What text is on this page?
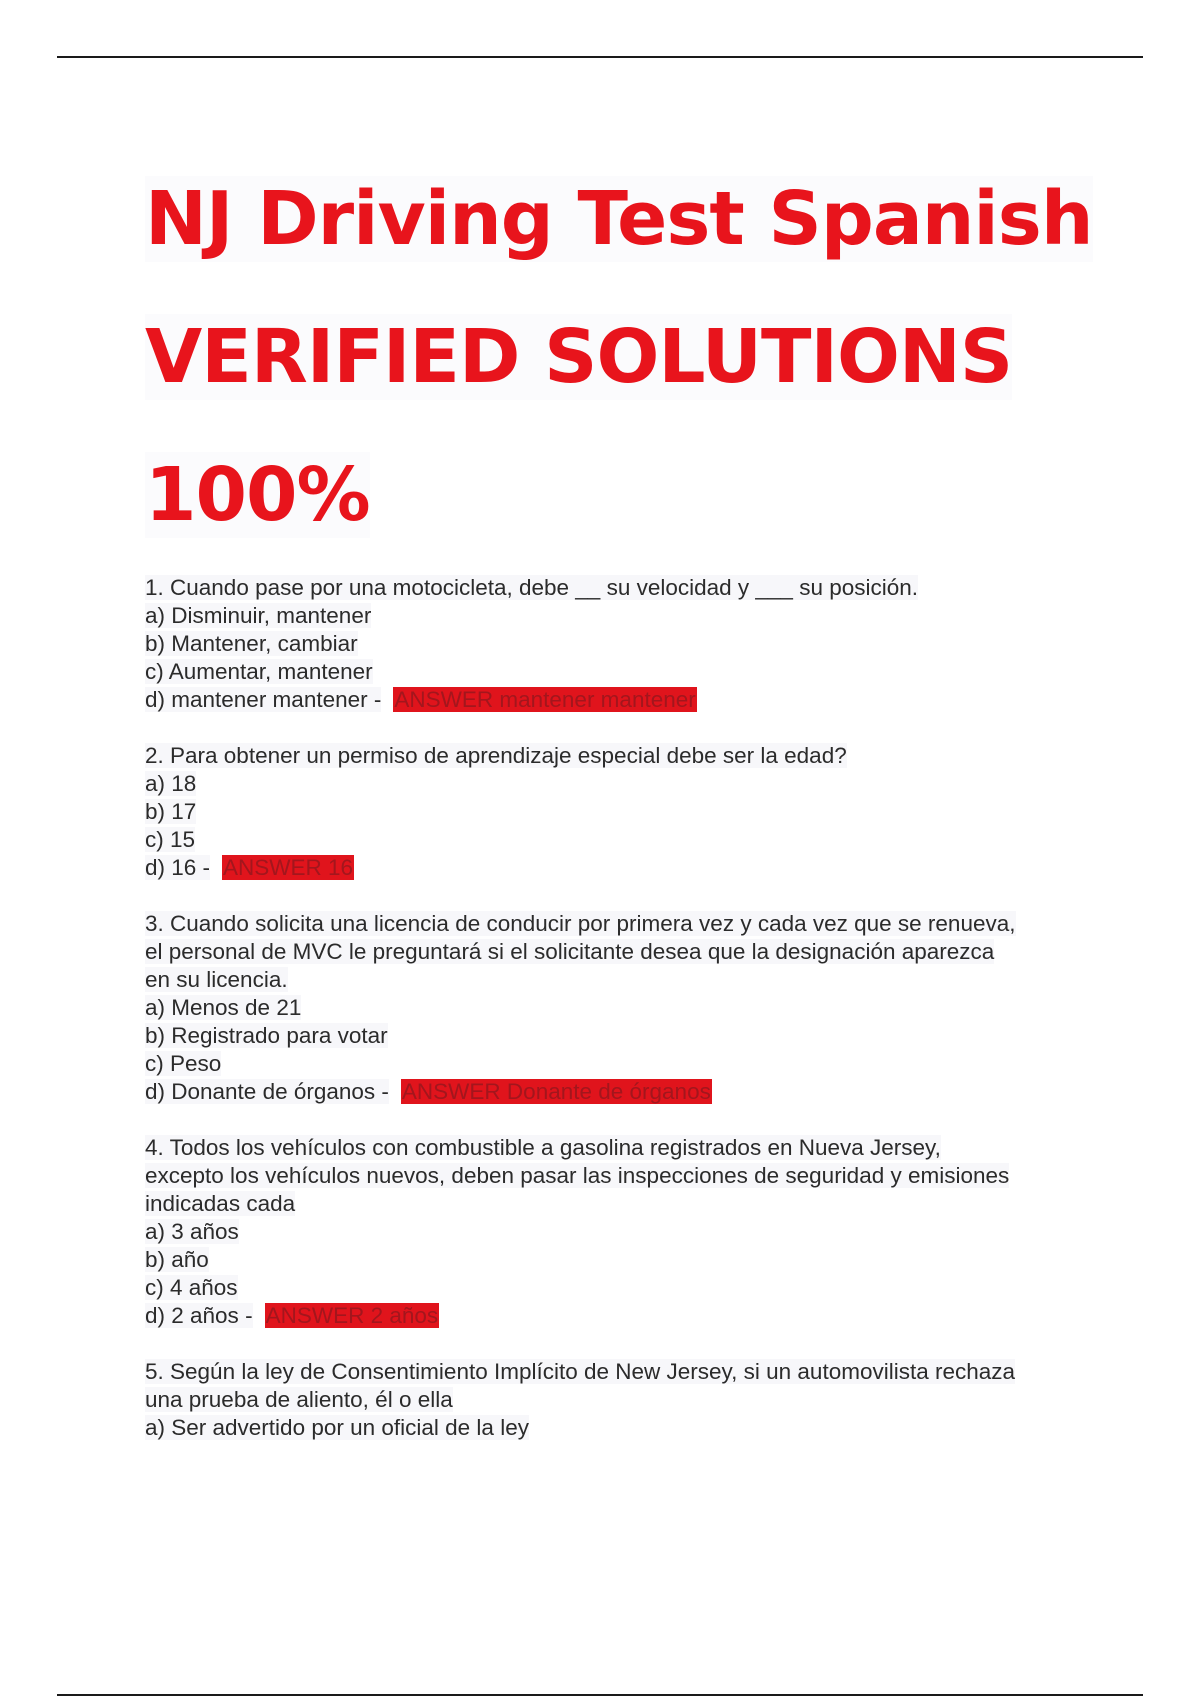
NJ Driving Test Spanish
VERIFIED SOLUTIONS
100%
1. Cuando pase por una motocicleta, debe __ su velocidad y ___ su posición.
a) Disminuir, mantener
b) Mantener, cambiar
c) Aumentar, mantener
d) mantener mantener - ANSWER mantener mantener
2. Para obtener un permiso de aprendizaje especial debe ser la edad?
a) 18
b) 17
c) 15
d) 16 - ANSWER 16
3. Cuando solicita una licencia de conducir por primera vez y cada vez que se renueva,
el personal de MVC le preguntará si el solicitante desea que la designación aparezca
en su licencia.
a) Menos de 21
b) Registrado para votar
c) Peso
d) Donante de órganos - ANSWER Donante de órganos
4. Todos los vehículos con combustible a gasolina registrados en Nueva Jersey,
excepto los vehículos nuevos, deben pasar las inspecciones de seguridad y emisiones
indicadas cada
a) 3 años
b) año
c) 4 años
d) 2 años - ANSWER 2 años
5. Según la ley de Consentimiento Implícito de New Jersey, si un automovilista rechaza
una prueba de aliento, él o ella
a) Ser advertido por un oficial de la ley
